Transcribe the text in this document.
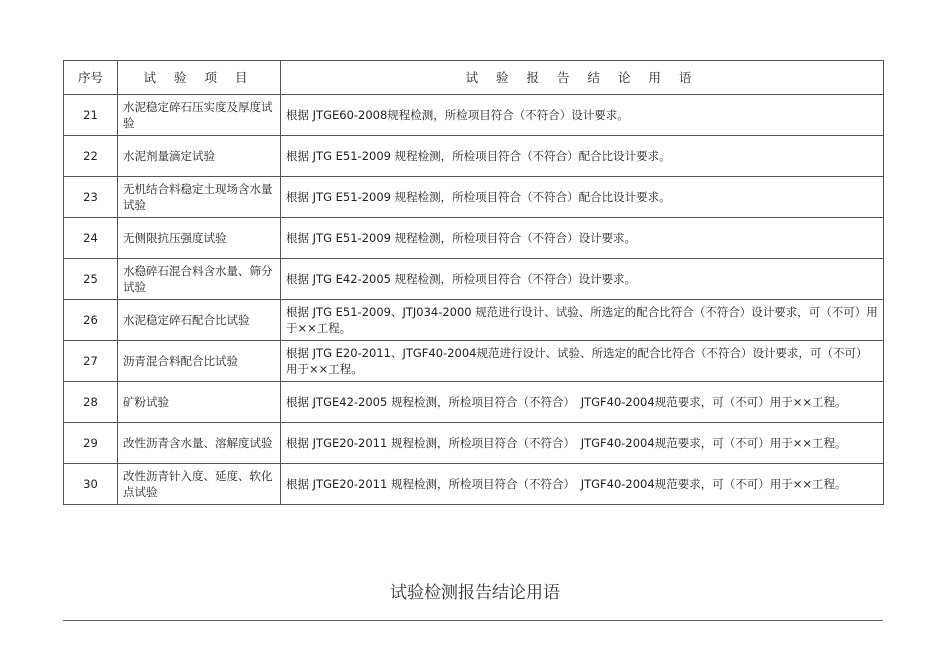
序号	试 验 项 目	试 验 报 告 结 论 用 语
21	水泥稳定碎石压实度及厚度试验	根据 JTGE60-2008规程检测，所检项目符合（不符合）设计要求。
22	水泥剂量滴定试验	根据 JTG E51-2009 规程检测，所检项目符合（不符合）配合比设计要求。
23	无机结合料稳定土现场含水量试验	根据 JTG E51-2009 规程检测，所检项目符合（不符合）配合比设计要求。
24	无侧限抗压强度试验	根据 JTG E51-2009 规程检测，所检项目符合（不符合）设计要求。
25	水稳碎石混合料含水量、筛分试验	根据 JTG E42-2005 规程检测，所检项目符合（不符合）设计要求。
26	水泥稳定碎石配合比试验	根据 JTG E51-2009、JTJ034-2000 规范进行设计、试验、所选定的配合比符合（不符合）设计要求，可（不可）用于××工程。
27	沥青混合料配合比试验	根据 JTG E20-2011、JTGF40-2004规范进行设计、试验、所选定的配合比符合（不符合）设计要求，可（不可）用于××工程。
28	矿粉试验	根据 JTGE42-2005 规程检测，所检项目符合（不符合）　JTGF40-2004规范要求，可（不可）用于××工程。
29	改性沥青含水量、溶解度试验	根据 JTGE20-2011 规程检测，所检项目符合（不符合）　JTGF40-2004规范要求，可（不可）用于××工程。
30	改性沥青针入度、延度、软化点试验	根据 JTGE20-2011 规程检测，所检项目符合（不符合）　JTGF40-2004规范要求，可（不可）用于××工程。
试验检测报告结论用语
